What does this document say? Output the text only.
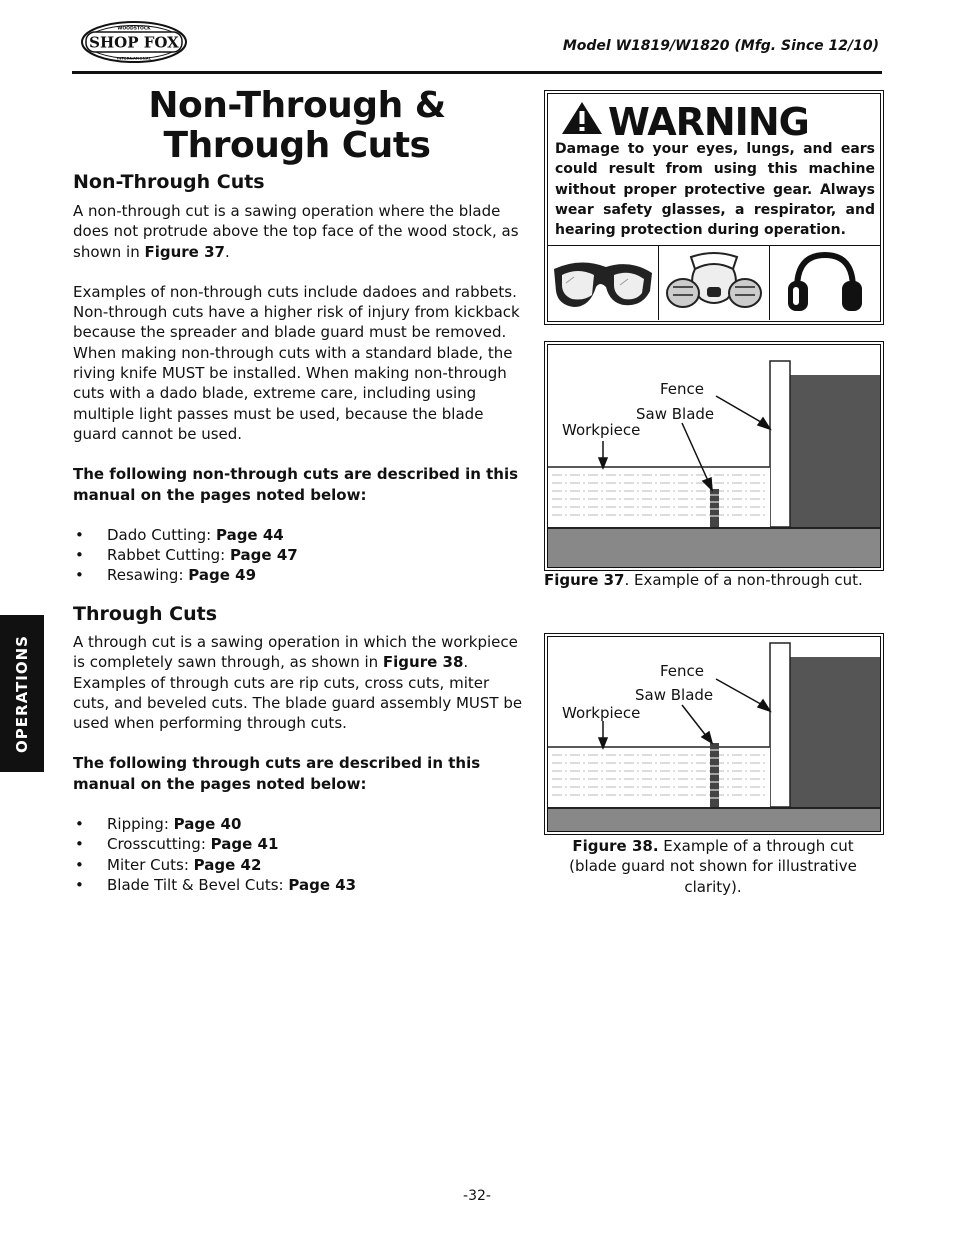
SHOP FOX
WOODSTOCK
INTERNATIONAL
Model W1819/W1820 (Mfg. Since 12/10)
Non-Through & Through Cuts
Non-Through Cuts

A non-through cut is a sawing operation where the blade does not protrude above the top face of the wood stock, as shown in Figure 37.

Examples of non-through cuts include dadoes and rabbets. Non-through cuts have a higher risk of injury from kickback because the spreader and blade guard must be removed. When making non-through cuts with a standard blade, the riving knife MUST be installed. When making non-through cuts with a dado blade, extreme care, including using multiple light passes must be used, because the blade guard cannot be used.

The following non-through cuts are described in this manual on the pages noted below:

• Dado Cutting: Page 44
• Rabbet Cutting: Page 47
• Resawing: Page 49
Through Cuts

A through cut is a sawing operation in which the workpiece is completely sawn through, as shown in Figure 38. Examples of through cuts are rip cuts, cross cuts, miter cuts, and beveled cuts. The blade guard assembly MUST be used when performing through cuts.

The following through cuts are described in this manual on the pages noted below:

• Ripping: Page 40
• Crosscutting: Page 41
• Miter Cuts: Page 42
• Blade Tilt & Bevel Cuts: Page 43
OPERATIONS
WARNING
Damage to your eyes, lungs, and ears could result from using this machine without proper protective gear. Always wear safety glasses, a respirator, and hearing protection during operation.
Fence
Saw Blade
Workpiece
Figure 37. Example of a non-through cut.
Fence
Saw Blade
Workpiece
Figure 38. Example of a through cut (blade guard not shown for illustrative clarity).
-32-
